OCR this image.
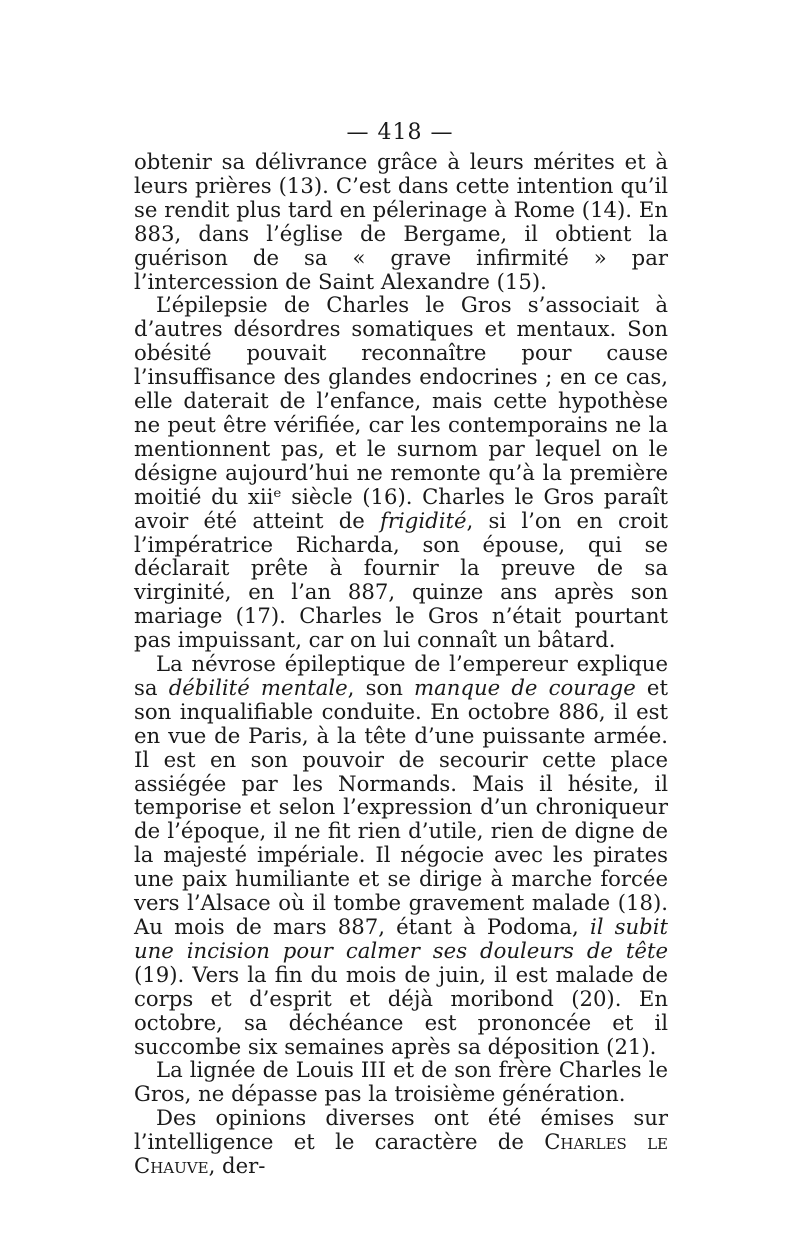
— 418 —

obtenir sa délivrance grâce à leurs mérites et à leurs prières (13). C’est dans cette intention qu’il se rendit plus tard en pélerinage à Rome (14). En 883, dans l’église de Bergame, il obtient la guérison de sa « grave infirmité » par l’intercession de Saint Alexandre (15).

L’épilepsie de Charles le Gros s’associait à d’autres désordres somatiques et mentaux. Son obésité pouvait reconnaître pour cause l’insuffisance des glandes endocrines ; en ce cas, elle daterait de l’enfance, mais cette hypothèse ne peut être vérifiée, car les contemporains ne la mentionnent pas, et le surnom par lequel on le désigne aujourd’hui ne remonte qu’à la première moitié du xiiᵉ siècle (16). Charles le Gros paraît avoir été atteint de frigidité, si l’on en croit l’impératrice Richarda, son épouse, qui se déclarait prête à fournir la preuve de sa virginité, en l’an 887, quinze ans après son mariage (17). Charles le Gros n’était pourtant pas impuissant, car on lui connaît un bâtard.

La névrose épileptique de l’empereur explique sa débilité mentale, son manque de courage et son inqualifiable conduite. En octobre 886, il est en vue de Paris, à la tête d’une puissante armée. Il est en son pouvoir de secourir cette place assiégée par les Normands. Mais il hésite, il temporise et selon l’expression d’un chroniqueur de l’époque, il ne fit rien d’utile, rien de digne de la majesté impériale. Il négocie avec les pirates une paix humiliante et se dirige à marche forcée vers l’Alsace où il tombe gravement malade (18). Au mois de mars 887, étant à Podoma, il subit une incision pour calmer ses douleurs de tête (19). Vers la fin du mois de juin, il est malade de corps et d’esprit et déjà moribond (20). En octobre, sa déchéance est prononcée et il succombe six semaines après sa déposition (21).

La lignée de Louis III et de son frère Charles le Gros, ne dépasse pas la troisième génération.

Des opinions diverses ont été émises sur l’intelligence et le caractère de Charles le Chauve, der-
